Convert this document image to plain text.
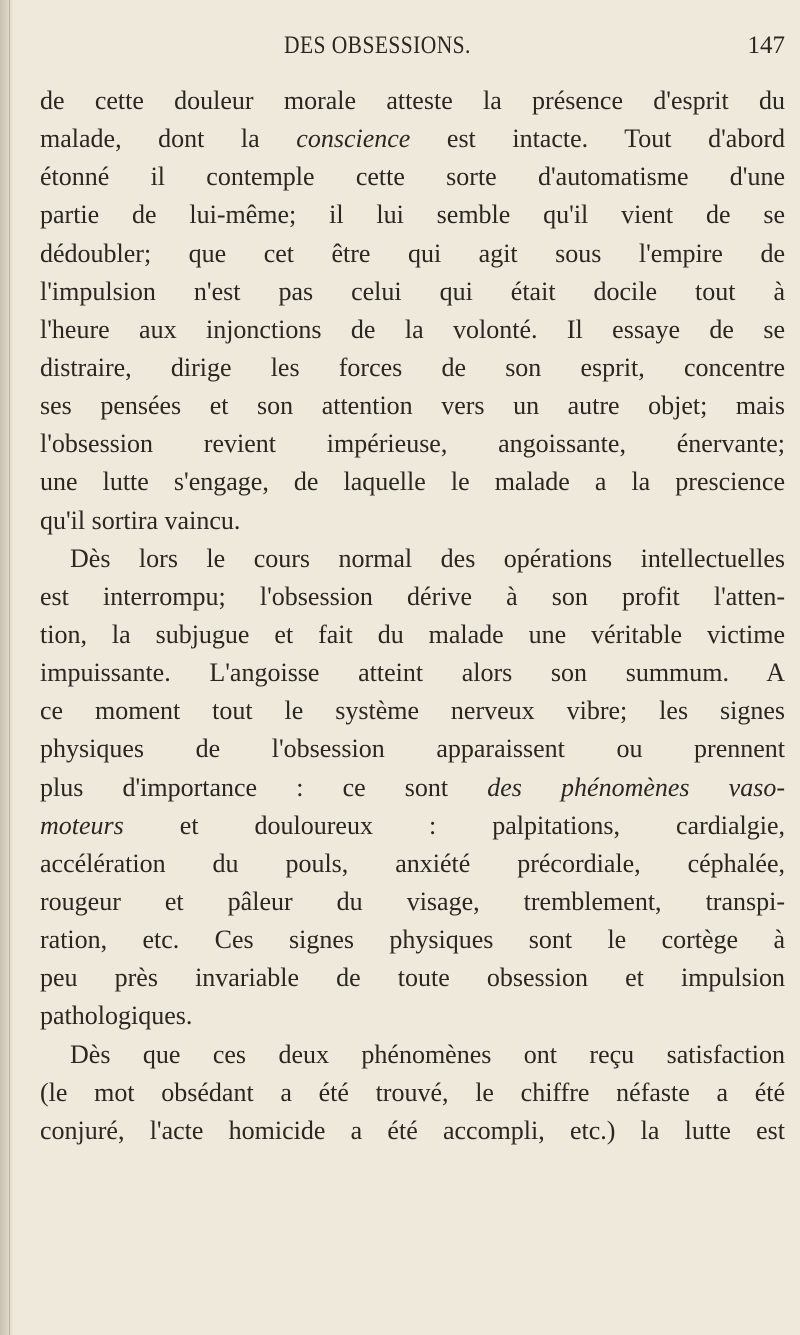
DES OBSESSIONS.	147
de cette douleur morale atteste la présence d'esprit du
malade, dont la conscience est intacte. Tout d'abord
étonné il contemple cette sorte d'automatisme d'une
partie de lui-même; il lui semble qu'il vient de se
dédoubler; que cet être qui agit sous l'empire de
l'impulsion n'est pas celui qui était docile tout à
l'heure aux injonctions de la volonté. Il essaye de se
distraire, dirige les forces de son esprit, concentre
ses pensées et son attention vers un autre objet; mais
l'obsession revient impérieuse, angoissante, énervante;
une lutte s'engage, de laquelle le malade a la prescience
qu'il sortira vaincu.
Dès lors le cours normal des opérations intellectuelles
est interrompu; l'obsession dérive à son profit l'atten-
tion, la subjugue et fait du malade une véritable victime
impuissante. L'angoisse atteint alors son summum. A
ce moment tout le système nerveux vibre; les signes
physiques de l'obsession apparaissent ou prennent
plus d'importance : ce sont des phénomènes vaso-
moteurs et douloureux : palpitations, cardialgie,
accélération du pouls, anxiété précordiale, céphalée,
rougeur et pâleur du visage, tremblement, transpi-
ration, etc. Ces signes physiques sont le cortège à
peu près invariable de toute obsession et impulsion
pathologiques.
Dès que ces deux phénomènes ont reçu satisfaction
(le mot obsédant a été trouvé, le chiffre néfaste a été
conjuré, l'acte homicide a été accompli, etc.) la lutte est
